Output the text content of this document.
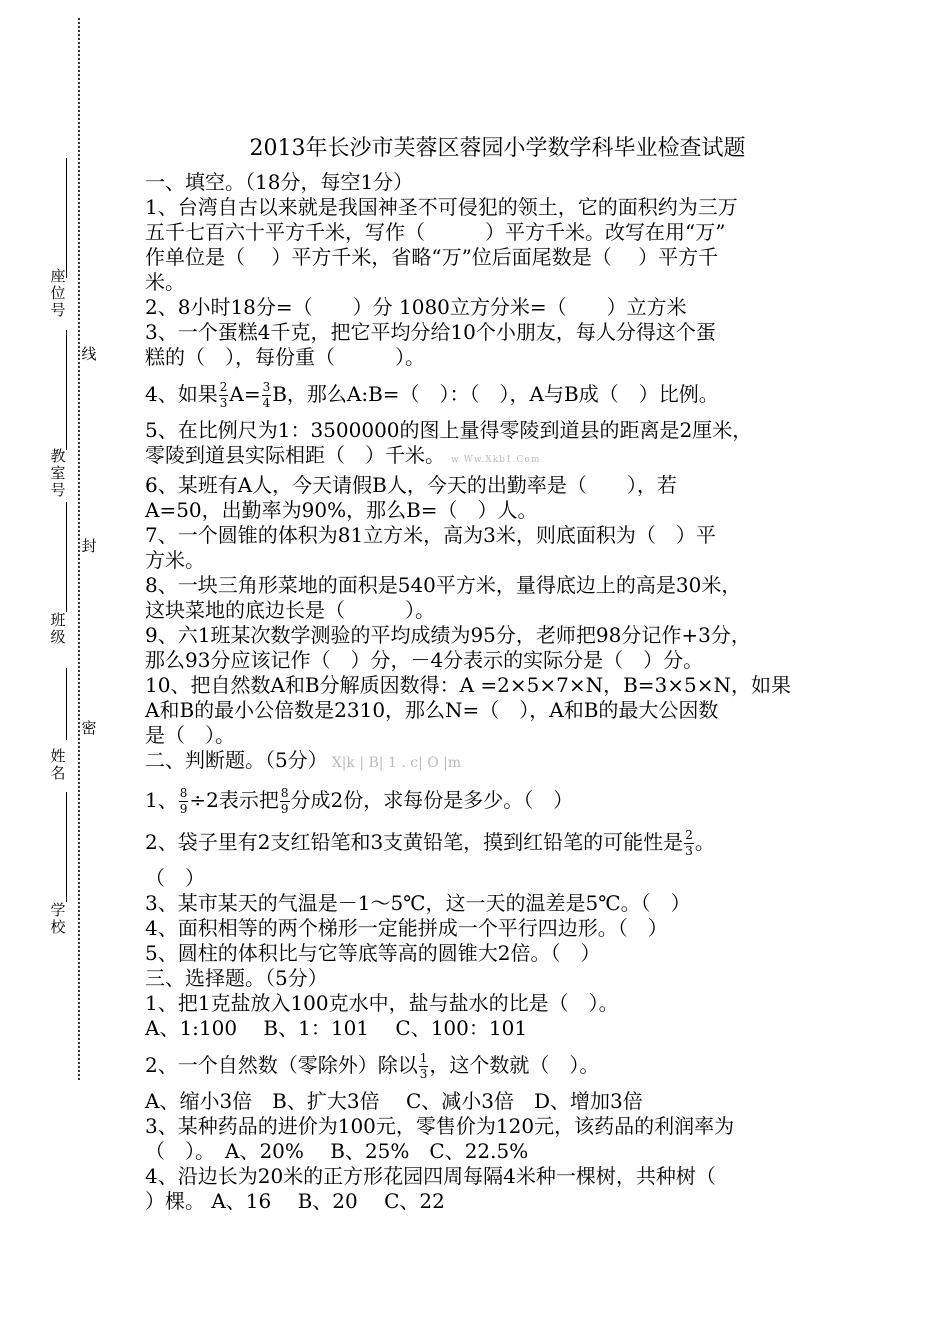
座位号
教室号
班级
姓名
学校
线
封
密
2013年长沙市芙蓉区蓉园小学数学科毕业检查试题
一、填空。（18分，每空1分）
1、台湾自古以来就是我国神圣不可侵犯的领土，它的面积约为三万
五千七百六十平方千米，写作（　　　）平方千米。改写在用“万”
作单位是（　 ）平方千米，省略“万”位后面尾数是（　 ）平方千
米。
2、8小时18分=（　　）分 1080立方分米=（　　）立方米
3、一个蛋糕4千克，把它平均分给10个小朋友，每人分得这个蛋
糕的（　），每份重（　　　）。
4、如果 $\frac{2}{3} A= \frac{3}{4}$ B，那么A:B=（　）：（　），A与B成（　）比例。
5、在比例尺为1：3500000的图上量得零陵到道县的距离是2厘米，
零陵到道县实际相距（　）千米。 w Ww.Xkb1.Com
6、某班有A人，今天请假B人，今天的出勤率是（　　），若
A=50，出勤率为90%，那么B=（　）人。
7、一个圆锥的体积为81立方米，高为3米，则底面积为（　）平
方米。
8、一块三角形菜地的面积是540平方米，量得底边上的高是30米，
这块菜地的底边长是（　　　）。
9、六1班某次数学测验的平均成绩为95分，老师把98分记作+3分，
那么93分应该记作（　）分，－4分表示的实际分是（　）分。
10、把自然数A和B分解质因数得：A =2×5×7×N，B=3×5×N，如果
A和B的最小公倍数是2310，那么N=（　），A和B的最大公因数
是（　）。
二、判断题。（5分） X|k | B| 1 . c| O |m
1、 $\frac{8}{9} \div 2$表示把 $\frac{8}{9}$ 分成2份，求每份是多少。（　）
2、袋子里有2支红铅笔和3支黄铅笔，摸到红铅笔的可能性是 $\frac{2}{3}$ 。
（　）
3、某市某天的气温是－1～5℃，这一天的温差是5℃。（　）
4、面积相等的两个梯形一定能拼成一个平行四边形。（　）
5、圆柱的体积比与它等底等高的圆锥大2倍。（　）
三、选择题。（5分）
1、把1克盐放入100克水中，盐与盐水的比是（　）。
A、1:100　 B、1：101　 C、100：101
2、一个自然数（零除外）除以 $\frac{1}{3}$ ，这个数就（　）。
A、缩小3倍　B、扩大3倍　 C、减小3倍　D、增加3倍
3、某种药品的进价为100元，零售价为120元，该药品的利润率为
（　）。　A、20%　 B、25%　C、22.5%
4、沿边长为20米的正方形花园四周每隔4米种一棵树，共种树（
）棵。 A、16　 B、20　 C、22
